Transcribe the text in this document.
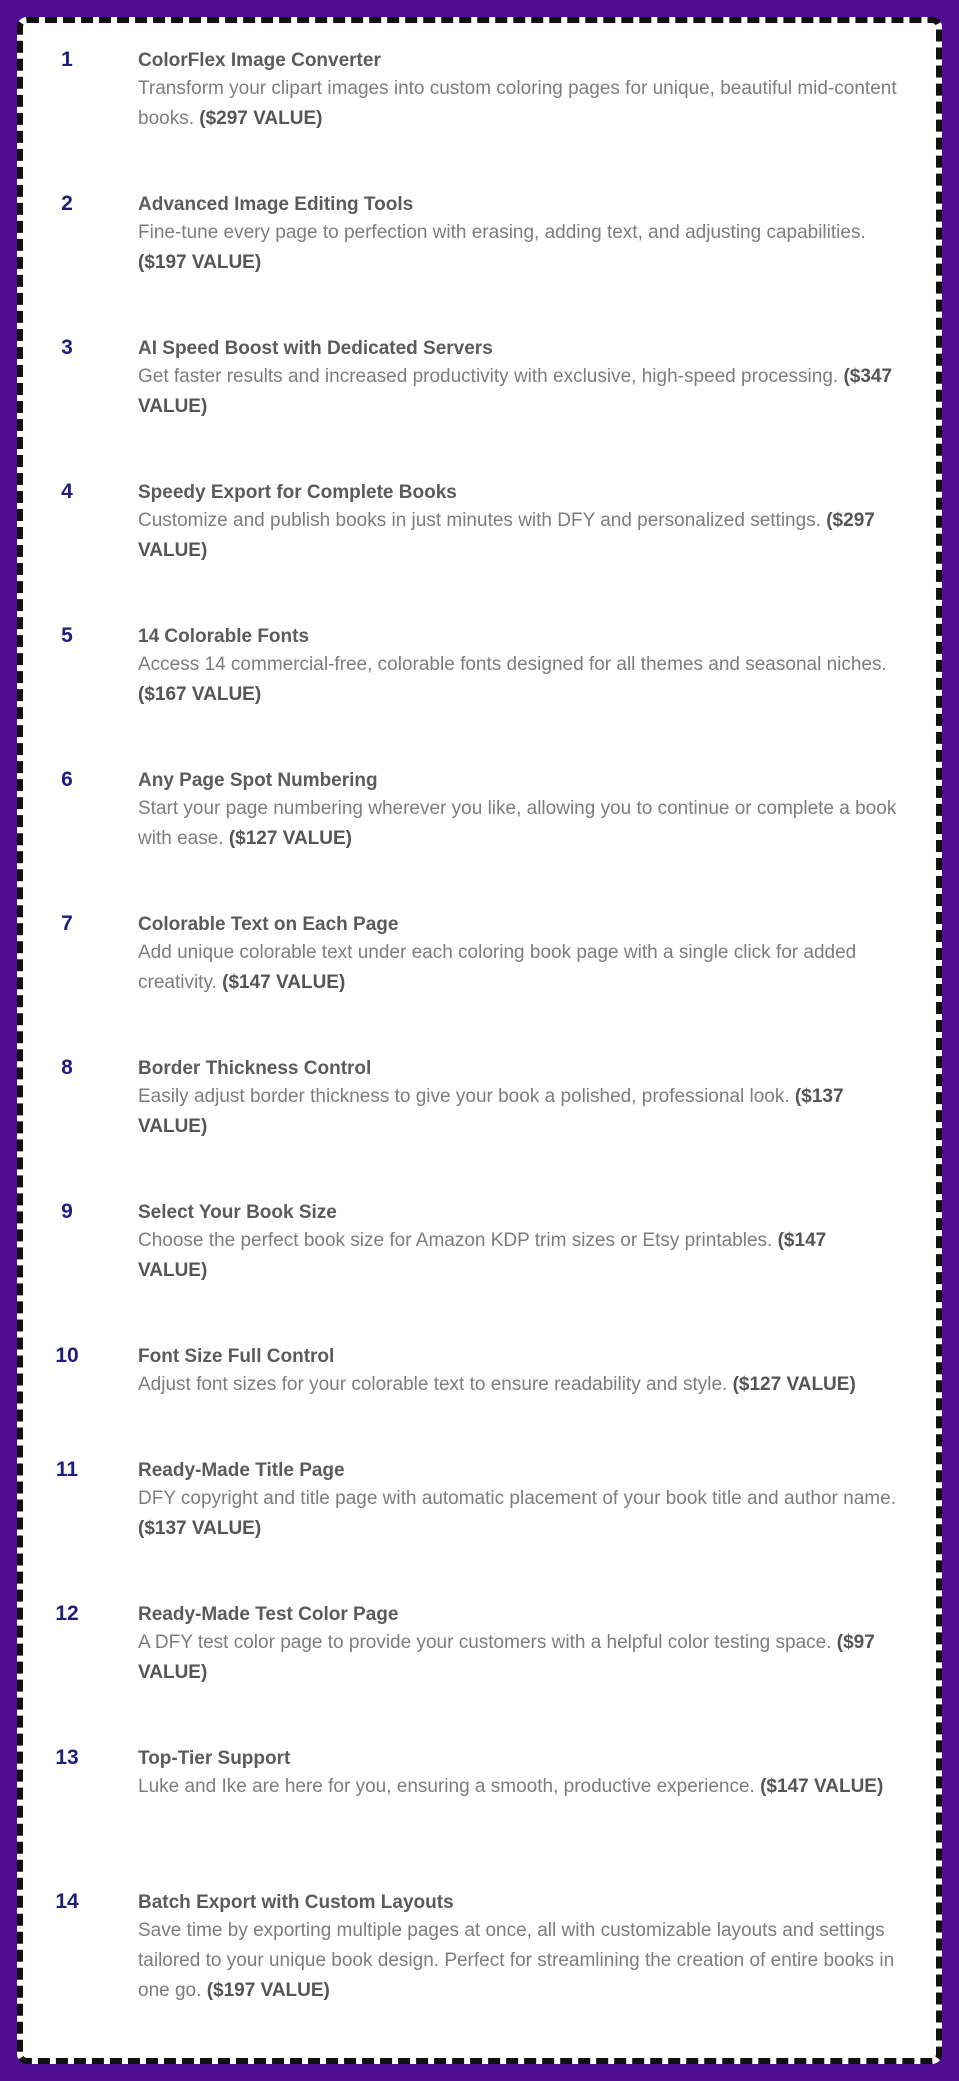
1	ColorFlex Image Converter
Transform your clipart images into custom coloring pages for unique, beautiful mid-content books. ($297 VALUE)
2	Advanced Image Editing Tools
Fine-tune every page to perfection with erasing, adding text, and adjusting capabilities. ($197 VALUE)
3	AI Speed Boost with Dedicated Servers
Get faster results and increased productivity with exclusive, high-speed processing. ($347 VALUE)
4	Speedy Export for Complete Books
Customize and publish books in just minutes with DFY and personalized settings. ($297 VALUE)
5	14 Colorable Fonts
Access 14 commercial-free, colorable fonts designed for all themes and seasonal niches. ($167 VALUE)
6	Any Page Spot Numbering
Start your page numbering wherever you like, allowing you to continue or complete a book with ease. ($127 VALUE)
7	Colorable Text on Each Page
Add unique colorable text under each coloring book page with a single click for added creativity. ($147 VALUE)
8	Border Thickness Control
Easily adjust border thickness to give your book a polished, professional look. ($137 VALUE)
9	Select Your Book Size
Choose the perfect book size for Amazon KDP trim sizes or Etsy printables. ($147 VALUE)
10	Font Size Full Control
Adjust font sizes for your colorable text to ensure readability and style. ($127 VALUE)
11	Ready-Made Title Page
DFY copyright and title page with automatic placement of your book title and author name. ($137 VALUE)
12	Ready-Made Test Color Page
A DFY test color page to provide your customers with a helpful color testing space. ($97 VALUE)
13	Top-Tier Support
Luke and Ike are here for you, ensuring a smooth, productive experience. ($147 VALUE)
14	Batch Export with Custom Layouts
Save time by exporting multiple pages at once, all with customizable layouts and settings tailored to your unique book design. Perfect for streamlining the creation of entire books in one go. ($197 VALUE)
